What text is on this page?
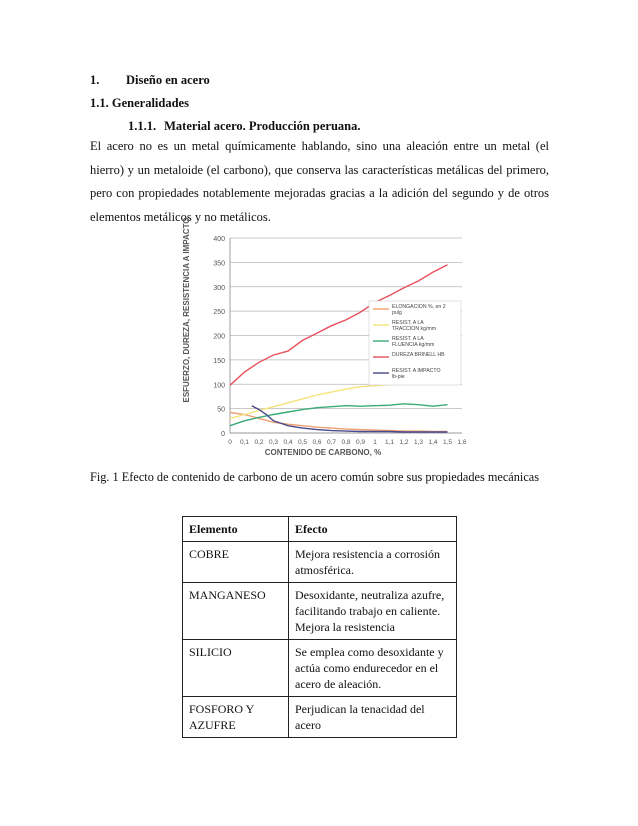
1. Diseño en acero
1.1. Generalidades
1.1.1. Material acero. Producción peruana.

El acero no es un metal químicamente hablando, sino una aleación entre un metal (el hierro) y un metaloide (el carbono), que conserva las características metálicas del primero, pero con propiedades notablemente mejoradas gracias a la adición del segundo y de otros elementos metálicos y no metálicos.

0
50
100
150
200
250
300
350
400
0 0,1 0,2 0,3 0,4 0,5 0,6 0,7 0,8 0,9 1 1,1 1,2 1,3 1,4 1,5 1,6
ESFUERZO, DUREZA, RESISTENCIA A IMPACTO
CONTENIDO DE CARBONO, %
ELONGACION %, en 2 pulg
RESIST. A LA TRACCION kg/mm
RESIST. A LA FLUENCIA kg/mm
DUREZA BRINELL HB
RESIST. A IMPACTO lb-pie
Fig. 1 Efecto de contenido de carbono de un acero común sobre sus propiedades mecánicas
Elemento	Efecto
COBRE	Mejora resistencia a corrosión atmosférica.
MANGANESO	Desoxidante, neutraliza azufre, facilitando trabajo en caliente. Mejora la resistencia
SILICIO	Se emplea como desoxidante y actúa como endurecedor en el acero de aleación.
FOSFORO Y AZUFRE	Perjudican la tenacidad del acero
